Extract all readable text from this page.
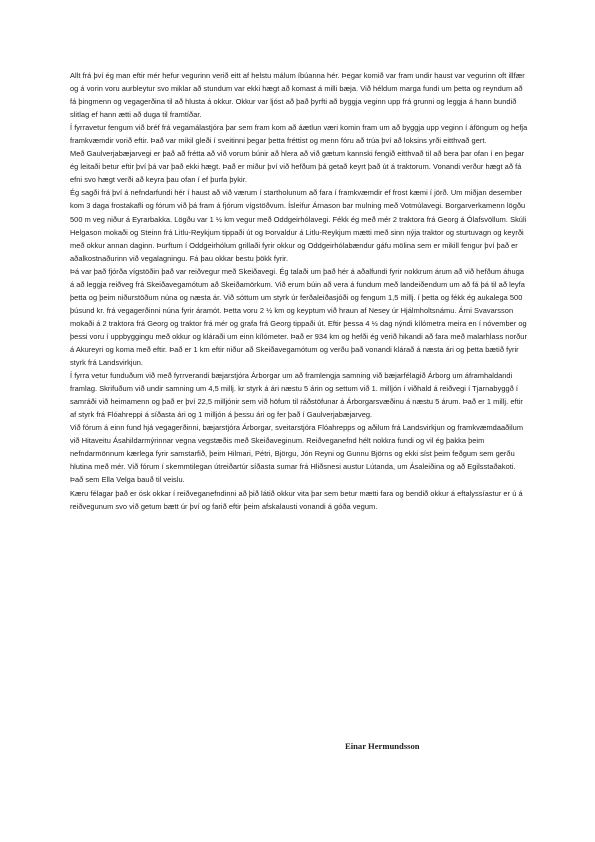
Allt frá því ég man eftir mér hefur vegurinn verið eitt af helstu málum íbúanna hér. Þegar komið var fram undir haust var vegurinn oft illfær og á vorin voru aurbleytur svo miklar að stundum var ekki hægt að komast á milli bæja. Við héldum marga fundi um þetta og reyndum að fá þingmenn og vegagerðina til að hlusta á okkur. Okkur var ljóst að það þyrfti að byggja veginn upp frá grunni og leggja á hann bundið slitlag ef hann ætti að duga til framtíðar.

Í fyrravetur fengum við bréf frá vegamálastjóra þar sem fram kom að áætlun væri komin fram um að byggja upp veginn í áföngum og hefja framkvæmdir vorið eftir. Það var mikil gleði í sveitinni þegar þetta fréttist og menn fóru að trúa því að loksins yrði eitthvað gert.

Með Gaulverjabæjarvegi er það að frétta að við vorum búnir að hlera að við gætum kannski fengið eitthvað til að bera þar ofan í en þegar ég leitaði betur eftir því þá var það ekki hægt. Það er miður því við hefðum þá getað keyrt það út á traktorum. Vonandi verður hægt að fá efni svo hægt verði að keyra þau ofan í ef þurfa þykir.

Ég sagði frá því á nefndarfundi hér í haust að við værum í startholunum að fara í framkvæmdir ef frost kæmi í jörð. Um miðjan desember kom 3 daga frostakafli og fórum við þá fram á fjórum vígstöðvum. Ísleifur Árnason bar mulning með Votmúlavegi. Borgarverkamenn lögðu 500 m veg niður á Eyrarbakka. Lögðu var 1 ½ km vegur með Oddgeirhólavegi. Fékk ég með mér 2 traktora frá Georg á Ólafsvöllum. Skúli Helgason mokaði og Steinn frá Litlu-Reykjum tippaði út og Þorvaldur á Litlu-Reykjum mætti með sinn nýja traktor og sturtuvagn og keyrði með okkur annan daginn. Þurftum í Oddgeirhólum grillaði fyrir okkur og Oddgeirhólabændur gáfu mölina sem er mikill fengur því það er aðalkostnaðurinn við vegalagningu. Fá þau okkar bestu þökk fyrir.

Þá var það fjórða vígstöðin það var reiðvegur með Skeiðavegi. Ég talaði um það hér á aðalfundi fyrir nokkrum árum að við hefðum áhuga á að leggja reiðveg frá Skeiðavegamótum að Skeiðamörkum. Við erum búin að vera á fundum með landeiðendum um að fá þá til að leyfa þetta og þeim niðurstöðum núna og næsta ár. Við sóttum um styrk úr ferðaleiðasjóði og fengum 1,5 millj. í þetta og fékk ég aukalega 500 þúsund kr. frá vegagerðinni núna fyrir áramót. Þetta voru 2 ½ km og keyptum við hraun af Nesey úr Hjálmholtsnámu. Árni Svavarsson mokaði á 2 traktora frá Georg og traktor frá mér og grafa frá Georg tippaði út. Eftir þessa 4 ½ dag nýndi kílómetra meira en í nóvember og þessi voru í uppbyggingu með okkur og kláraði um einn kílómeter. Það er 934 km og hefði ég verið hikandi að fara með malarhlass norður á Akureyri og koma með eftir. Það er 1 km eftir niður að Skeiðavegamótum og verðu það vonandi klárað á næsta ári og þetta bætið fyrir styrk frá Landsvirkjun.

Í fyrra vetur funduðum við með fyrrverandi bæjarstjóra Árborgar um að framlengja samning við bæjarfélagið Árborg um áframhaldandi framlag. Skrifuðum við undir samning um 4,5 millj. kr styrk á ári næstu 5 árin og settum við 1. milljón í viðhald á reiðvegi í Tjarnabyggð í samráði við heimamenn og það er því 22,5 milljónir sem við höfum til ráðstöfunar á Árborgarsvæðinu á næstu 5 árum. Það er 1 millj. eftir af styrk frá Flóahreppi á síðasta ári og 1 milljón á þessu ári og fer það í Gaulverjabæjarveg.

Við fórum á einn fund hjá vegagerðinni, bæjarstjóra Árborgar, sveitarstjóra Flóahrepps og aðilum frá Landsvirkjun og framkvæmdaaðilum við Hitaveitu Ásahildarmýrinnar vegna vegstæðis með Skeiðaveginum. Reiðveganefnd hélt nokkra fundi og vil ég þakka þeim nefndarmönnum kærlega fyrir samstarfið, þeim Hilmari, Pétri, Björgu, Jón Reyni og Gunnu Björns og ekki síst þeim feðgum sem gerðu hlutina með mér. Við fórum í skemmtilegan útreiðartúr síðasta sumar frá Hliðsnesi austur Lútanda, um Ásaleiðina og að Egilsstaðakoti. Það sem Ella Velga bauð til veislu.

Kæru félagar það er ósk okkar í reiðveganefndinni að þið látið okkur vita þar sem betur mætti fara og bendið okkur á eftalyssíastur er ú á reiðvegunum svo við getum bætt úr því og farið eftir þeim afskalausti vonandi á góða vegum.

Einar Hermundsson
